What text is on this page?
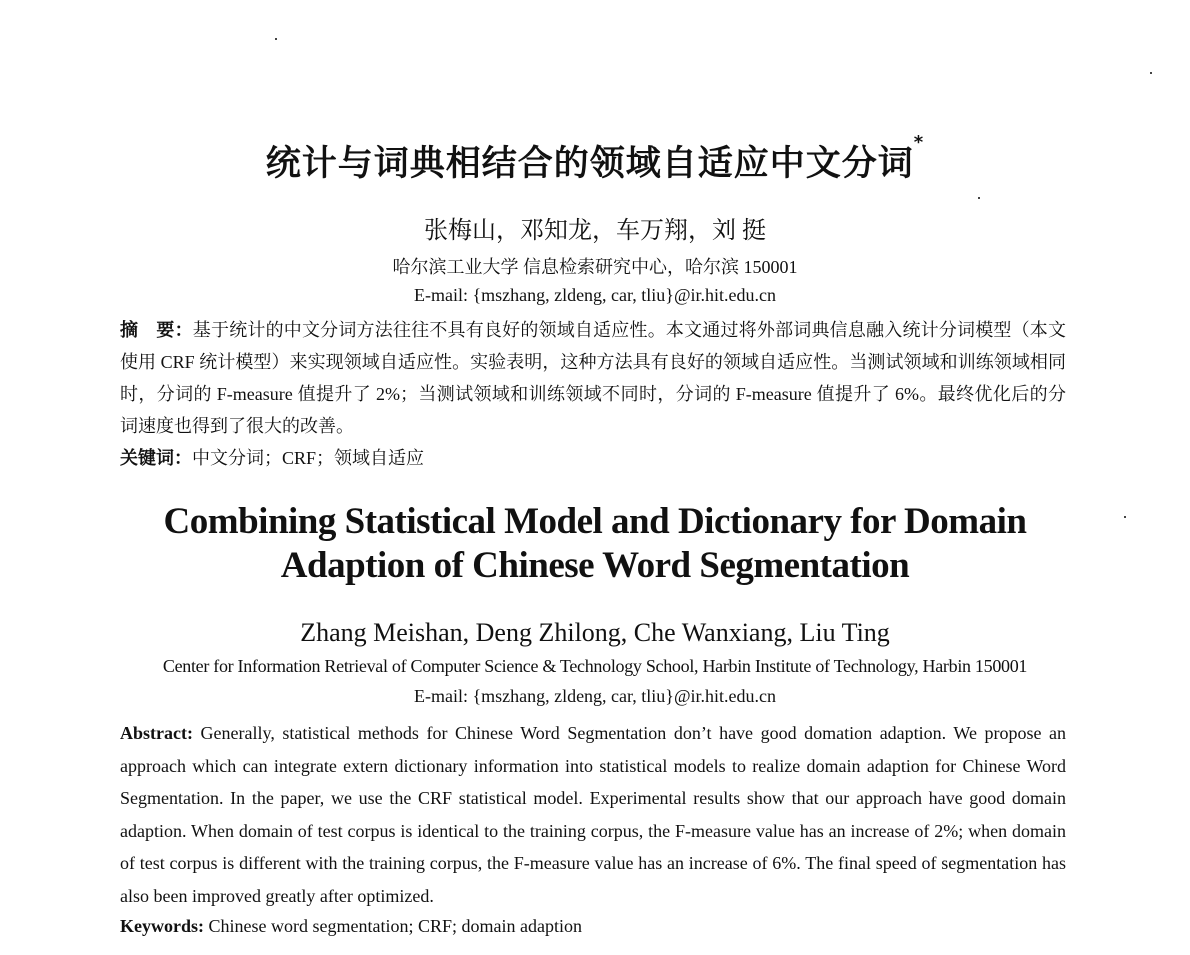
统计与词典相结合的领域自适应中文分词*
张梅山，邓知龙，车万翔，刘 挺
哈尔滨工业大学 信息检索研究中心，哈尔滨 150001
E-mail: {mszhang, zldeng, car, tliu}@ir.hit.edu.cn
摘　要：基于统计的中文分词方法往往不具有良好的领域自适应性。本文通过将外部词典信息融入统计分词模型（本文使用 CRF 统计模型）来实现领域自适应性。实验表明，这种方法具有良好的领域自适应性。当测试领域和训练领域相同时，分词的 F-measure 值提升了 2%；当测试领域和训练领域不同时，分词的 F-measure 值提升了 6%。最终优化后的分词速度也得到了很大的改善。
关键词：中文分词；CRF；领域自适应
Combining Statistical Model and Dictionary for Domain
Adaption of Chinese Word Segmentation
Zhang Meishan, Deng Zhilong, Che Wanxiang, Liu Ting
Center for Information Retrieval of Computer Science & Technology School, Harbin Institute of Technology, Harbin 150001
E-mail: {mszhang, zldeng, car, tliu}@ir.hit.edu.cn
Abstract: Generally, statistical methods for Chinese Word Segmentation don’t have good domation adaption. We propose an approach which can integrate extern dictionary information into statistical models to realize domain adaption for Chinese Word Segmentation. In the paper, we use the CRF statistical model. Experimental results show that our approach have good domain adaption. When domain of test corpus is identical to the training corpus, the F-measure value has an increase of 2%; when domain of test corpus is different with the training corpus, the F-measure value has an increase of 6%. The final speed of segmentation has also been improved greatly after optimized.
Keywords: Chinese word segmentation; CRF; domain adaption
